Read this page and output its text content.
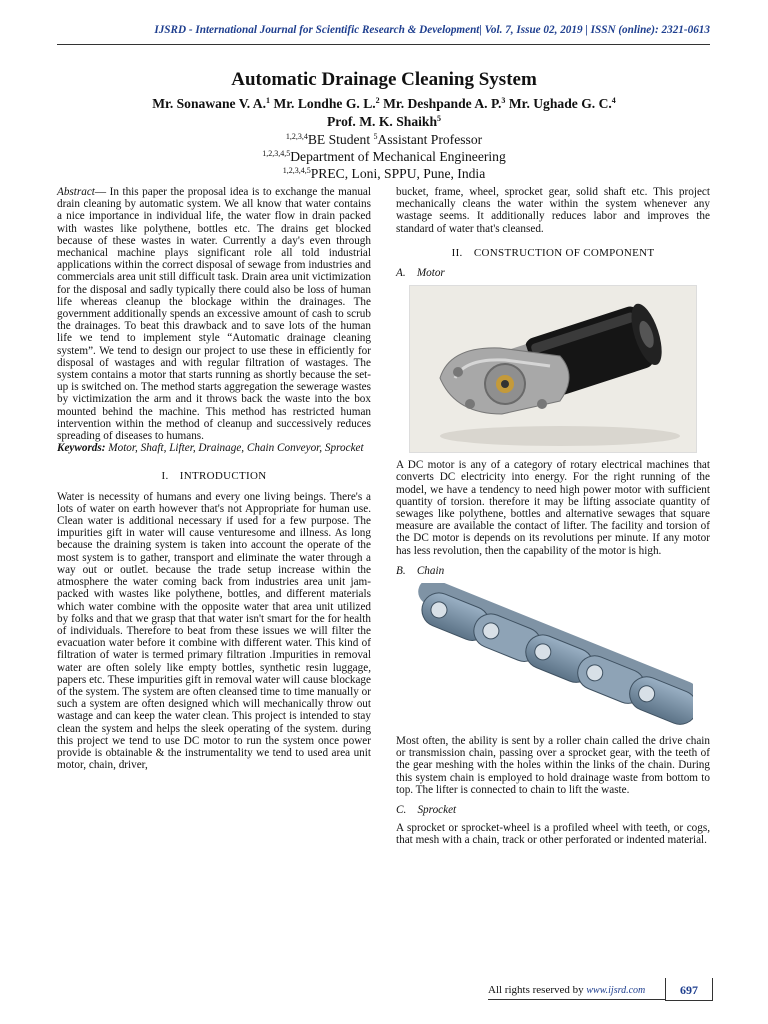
IJSRD - International Journal for Scientific Research & Development| Vol. 7, Issue 02, 2019 | ISSN (online): 2321-0613
Automatic Drainage Cleaning System
Mr. Sonawane V. A.$^1$ Mr. Londhe G. L.$^2$ Mr. Deshpande A. P.$^3$ Mr. Ughade G. C.$^4$
Prof. M. K. Shaikh$^5$
$^{1,2,3,4}$BE Student $^5$Assistant Professor
$^{1,2,3,4,5}$Department of Mechanical Engineering
$^{1,2,3,4,5}$PREC, Loni, SPPU, Pune, India

Abstract— In this paper the proposal idea is to exchange the manual drain cleaning by automatic system. We all know that water contains a nice importance in individual life, the water flow in drain packed with wastes like polythene, bottles etc. The drains get blocked because of these wastes in water. Currently a day's even through mechanical machine plays significant role all told industrial applications within the correct disposal of sewage from industries and commercials area unit still difficult task. Drain area unit victimization for the disposal and sadly typically there could also be loss of human life whereas cleanup the blockage within the drainages. The government additionally spends an excessive amount of cash to scrub the drainages. To beat this drawback and to save lots of the human life we tend to implement style “Automatic drainage cleaning system”. We tend to design our project to use these in efficiently for disposal of wastages and with regular filtration of wastages. The system contains a motor that starts running as shortly because the set-up is switched on. The method starts aggregation the sewerage wastes by victimization the arm and it throws back the waste into the box mounted behind the machine. This method has restricted human intervention within the method of cleanup and successively reduces spreading of diseases to humans.

Keywords: Motor, Shaft, Lifter, Drainage, Chain Conveyor, Sprocket

I. INTRODUCTION

Water is necessity of humans and every one living beings. There's a lots of water on earth however that's not Appropriate for human use. Clean water is additional necessary if used for a few purpose. The impurities gift in water will cause venturesome and illness. As long because the draining system is taken into account the operate of the most system is to gather, transport and eliminate the water through a way out or outlet. because the trade setup increase within the atmosphere the water coming back from industries area unit jam-packed with wastes like polythene, bottles, and different materials which water combine with the opposite water that area unit utilized by folks and that we grasp that that water isn't smart for the for health of individuals. Therefore to beat from these issues we will filter the evacuation water before it combine with different water. This kind of filtration of water is termed primary filtration .Impurities in removal water are often solely like empty bottles, synthetic resin luggage, papers etc. These impurities gift in removal water will cause blockage of the system. The system are often cleansed time to time manually or such a system are often designed which will mechanically throw out wastage and can keep the water clean. This project is intended to stay clean the system and helps the sleek operating of the system. during this project we tend to use DC motor to run the system once power provide is obtainable & the instrumentality we tend to used area unit motor, chain, driver,

bucket, frame, wheel, sprocket gear, solid shaft etc. This project mechanically cleans the water within the system whenever any wastage seems. It additionally reduces labor and improves the standard of water that's cleansed.

II. CONSTRUCTION OF COMPONENT
A. Motor

A DC motor is any of a category of rotary electrical machines that converts DC electricity into energy. For the right running of the model, we have a tendency to need high power motor with sufficient quantity of torsion. therefore it may be lifting associate quantity of sewages like polythene, bottles and alternative sewages that square measure are available the contact of lifter. The facility and torsion of the DC motor is depends on its revolutions per minute. If any motor has less revolution, then the capability of the motor is high.

B. Chain

Most often, the ability is sent by a roller chain called the drive chain or transmission chain, passing over a sprocket gear, with the teeth of the gear meshing with the holes within the links of the chain. During this system chain is employed to hold drainage waste from bottom to top. The lifter is connected to chain to lift the waste.

C. Sprocket

A sprocket or sprocket-wheel is a profiled wheel with teeth, or cogs, that mesh with a chain, track or other perforated or indented material.

All rights reserved by www.ijsrd.com	697
